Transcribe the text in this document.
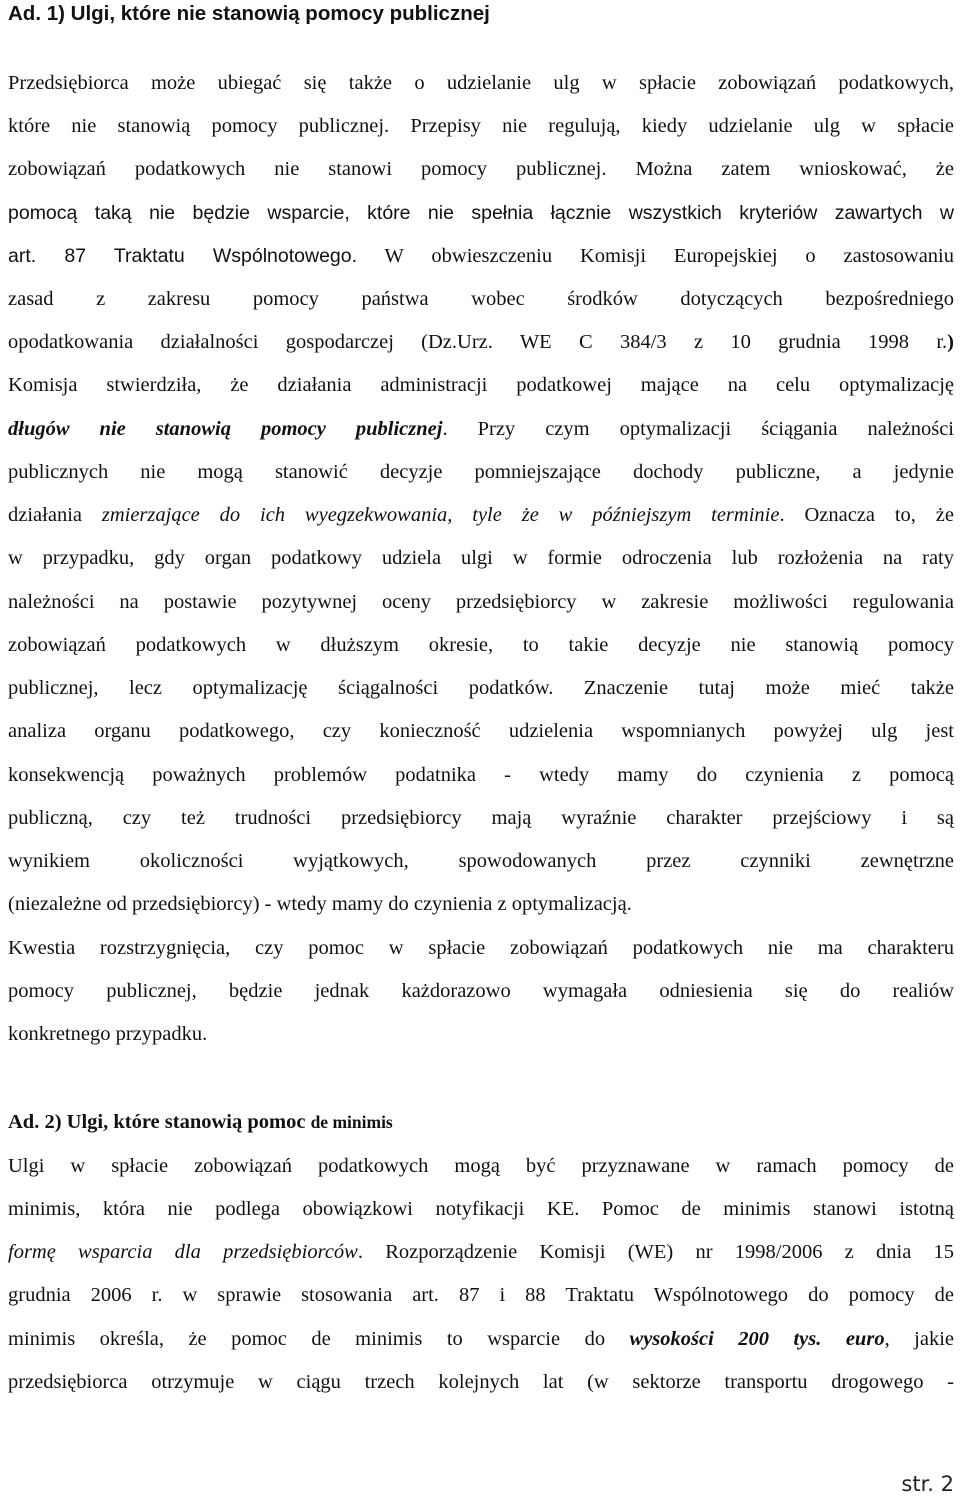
Ad. 1) Ulgi, które nie stanowią pomocy publicznej
Przedsiębiorca może ubiegać się także o udzielanie ulg w spłacie zobowiązań podatkowych,
które nie stanowią pomocy publicznej. Przepisy nie regulują, kiedy udzielanie ulg w spłacie
zobowiązań podatkowych nie stanowi pomocy publicznej. Można zatem wnioskować, że
pomocą taką nie będzie wsparcie, które nie spełnia łącznie wszystkich kryteriów zawartych w
art. 87 Traktatu Wspólnotowego. W obwieszczeniu Komisji Europejskiej o zastosowaniu
zasad z zakresu pomocy państwa wobec środków dotyczących bezpośredniego
opodatkowania działalności gospodarczej (Dz.Urz. WE C 384/3 z 10 grudnia 1998 r.)
Komisja stwierdziła, że działania administracji podatkowej mające na celu optymalizację
długów nie stanowią pomocy publicznej. Przy czym optymalizacji ściągania należności
publicznych nie mogą stanowić decyzje pomniejszające dochody publiczne, a jedynie
działania zmierzające do ich wyegzekwowania, tyle że w późniejszym terminie. Oznacza to, że
w przypadku, gdy organ podatkowy udziela ulgi w formie odroczenia lub rozłożenia na raty
należności na postawie pozytywnej oceny przedsiębiorcy w zakresie możliwości regulowania
zobowiązań podatkowych w dłuższym okresie, to takie decyzje nie stanowią pomocy
publicznej, lecz optymalizację ściągalności podatków. Znaczenie tutaj może mieć także
analiza organu podatkowego, czy konieczność udzielenia wspomnianych powyżej ulg jest
konsekwencją poważnych problemów podatnika - wtedy mamy do czynienia z pomocą
publiczną, czy też trudności przedsiębiorcy mają wyraźnie charakter przejściowy i są
wynikiem okoliczności wyjątkowych, spowodowanych przez czynniki zewnętrzne
(niezależne od przedsiębiorcy) - wtedy mamy do czynienia z optymalizacją.
Kwestia rozstrzygnięcia, czy pomoc w spłacie zobowiązań podatkowych nie ma charakteru
pomocy publicznej, będzie jednak każdorazowo wymagała odniesienia się do realiów
konkretnego przypadku.
Ad. 2) Ulgi, które stanowią pomoc de minimis
Ulgi w spłacie zobowiązań podatkowych mogą być przyznawane w ramach pomocy de
minimis, która nie podlega obowiązkowi notyfikacji KE. Pomoc de minimis stanowi istotną
formę wsparcia dla przedsiębiorców. Rozporządzenie Komisji (WE) nr 1998/2006 z dnia 15
grudnia 2006 r. w sprawie stosowania art. 87 i 88 Traktatu Wspólnotowego do pomocy de
minimis określa, że pomoc de minimis to wsparcie do wysokości 200 tys. euro, jakie
przedsiębiorca otrzymuje w ciągu trzech kolejnych lat (w sektorze transportu drogowego -
str. 2
